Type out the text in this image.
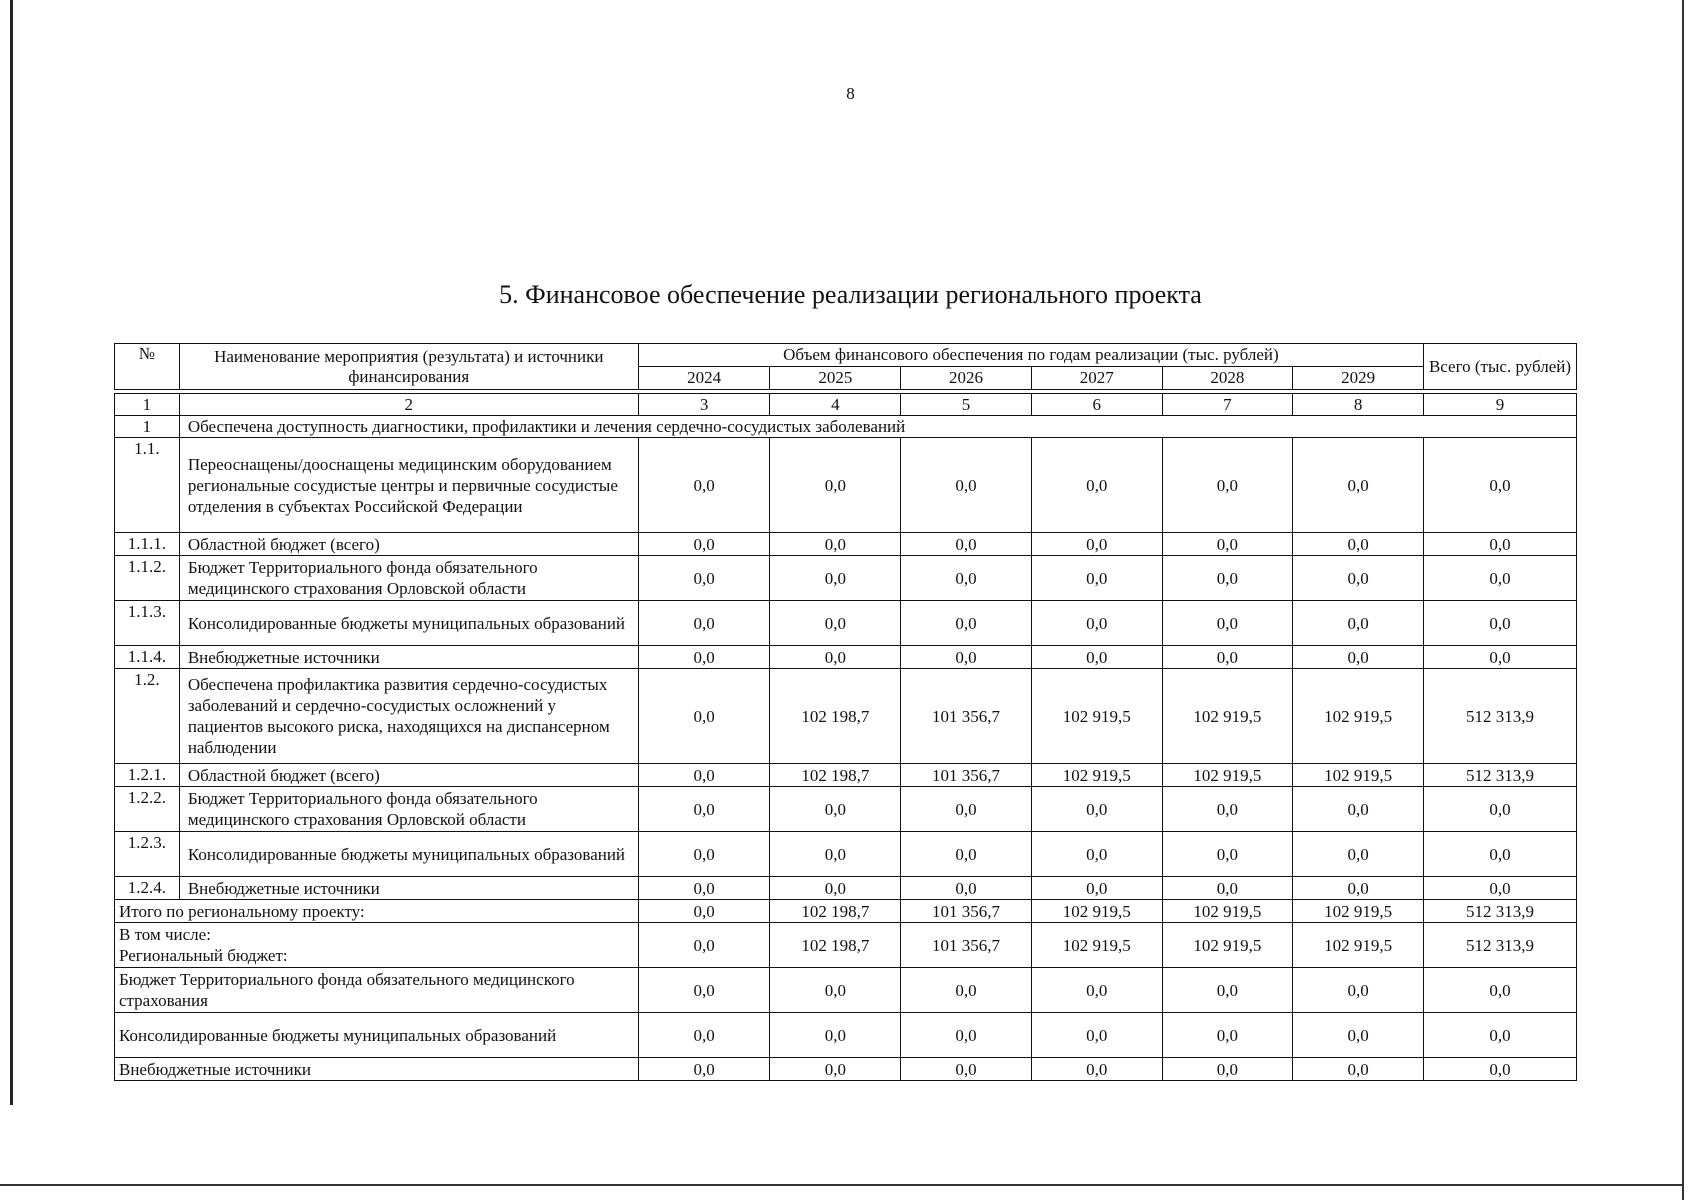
8
5. Финансовое обеспечение реализации регионального проекта
№	Наименование мероприятия (результата) и источники финансирования	Объем финансового обеспечения по годам реализации (тыс. рублей)						Всего (тыс. рублей)
		2024	2025	2026	2027	2028	2029	

1	2	3	4	5	6	7	8	9
1	Обеспечена доступность диагностики, профилактики и лечения сердечно-сосудистых заболеваний							
1.1.	Переоснащены/дооснащены медицинским оборудованием региональные сосудистые центры и первичные сосудистые отделения в субъектах Российской Федерации	0,0	0,0	0,0	0,0	0,0	0,0	0,0
1.1.1.	Областной бюджет (всего)	0,0	0,0	0,0	0,0	0,0	0,0	0,0
1.1.2.	Бюджет Территориального фонда обязательного медицинского страхования Орловской области	0,0	0,0	0,0	0,0	0,0	0,0	0,0
1.1.3.	Консолидированные бюджеты муниципальных образований	0,0	0,0	0,0	0,0	0,0	0,0	0,0
1.1.4.	Внебюджетные источники	0,0	0,0	0,0	0,0	0,0	0,0	0,0
1.2.	Обеспечена профилактика развития сердечно-сосудистых заболеваний и сердечно-сосудистых осложнений у пациентов высокого риска, находящихся на диспансерном наблюдении	0,0	102 198,7	101 356,7	102 919,5	102 919,5	102 919,5	512 313,9
1.2.1.	Областной бюджет (всего)	0,0	102 198,7	101 356,7	102 919,5	102 919,5	102 919,5	512 313,9
1.2.2.	Бюджет Территориального фонда обязательного медицинского страхования Орловской области	0,0	0,0	0,0	0,0	0,0	0,0	0,0
1.2.3.	Консолидированные бюджеты муниципальных образований	0,0	0,0	0,0	0,0	0,0	0,0	0,0
1.2.4.	Внебюджетные источники	0,0	0,0	0,0	0,0	0,0	0,0	0,0
Итого по региональному проекту:		0,0	102 198,7	101 356,7	102 919,5	102 919,5	102 919,5	512 313,9
В том числе:
Региональный бюджет:		0,0	102 198,7	101 356,7	102 919,5	102 919,5	102 919,5	512 313,9
Бюджет Территориального фонда обязательного медицинского страхования		0,0	0,0	0,0	0,0	0,0	0,0	0,0
Консолидированные бюджеты муниципальных образований		0,0	0,0	0,0	0,0	0,0	0,0	0,0
Внебюджетные источники		0,0	0,0	0,0	0,0	0,0	0,0	0,0
